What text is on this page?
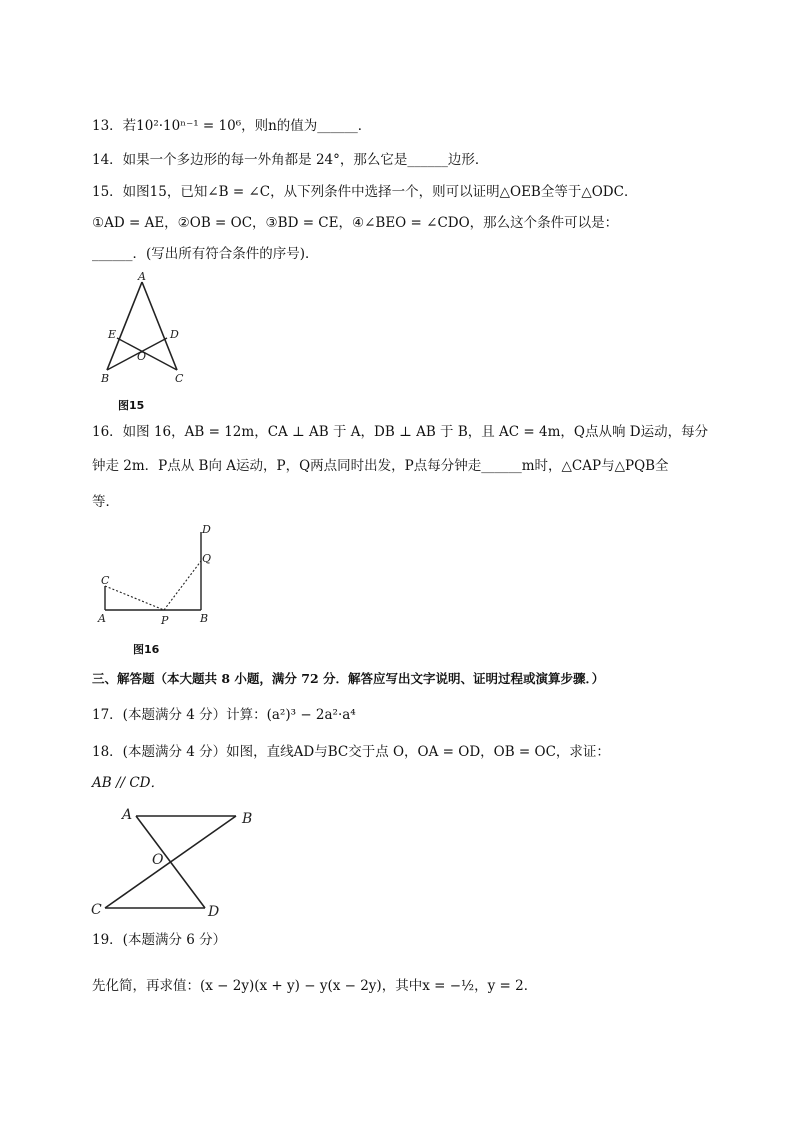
13．若10²·10ⁿ⁻¹ = 10⁶，则n的值为______．
14．如果一个多边形的每一外角都是 24°，那么它是______边形．
15．如图15，已知∠B = ∠C，从下列条件中选择一个，则可以证明△OEB全等于△ODC．
①AD = AE，②OB = OC，③BD = CE，④∠BEO = ∠CDO，那么这个条件可以是：
______．(写出所有符合条件的序号)．
A
E	D
O
B	C
图15
16．如图 16，AB = 12m，CA ⊥ AB 于 A，DB ⊥ AB 于 B，且 AC = 4m，Q点从响 D运动，每分
钟走 2m．P点从 B向 A运动，P，Q两点同时出发，P点每分钟走______m时，△CAP与△PQB全
等．
D
Q
C
A	P	B
图16
三、解答题（本大题共 8 小题，满分 72 分．解答应写出文字说明、证明过程或演算步骤．）
17．(本题满分 4 分）计算：(a²)³ − 2a²·a⁴
18．(本题满分 4 分）如图，直线AD与BC交于点 O，OA = OD，OB = OC，求证：
AB // CD．
A	B
O
C	D
19．(本题满分 6 分）
先化简，再求值：(x − 2y)(x + y) − y(x − 2y)，其中x = −½，y = 2．
